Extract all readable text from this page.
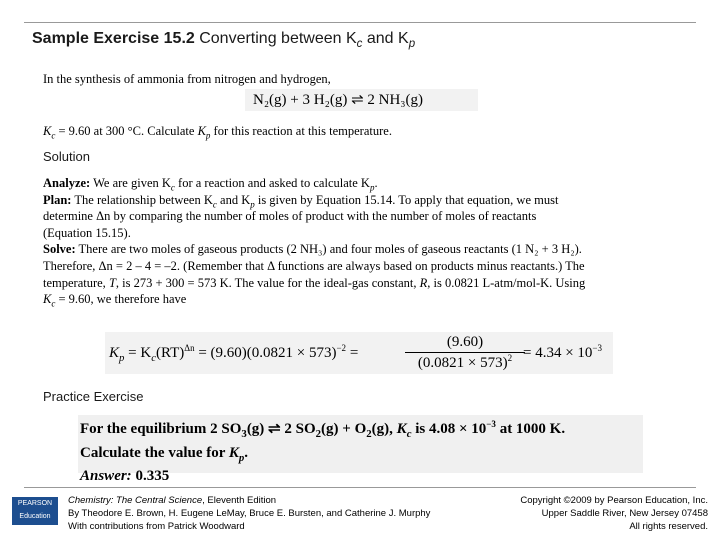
Sample Exercise 15.2 Converting between $K_c$ and $K_p$
In the synthesis of ammonia from nitrogen and hydrogen,
N₂(g) + 3 H₂(g) ⇌ 2 NH₃(g)
$K_c = 9.60$ at 300 °C. Calculate $K_p$ for this reaction at this temperature.
Solution
Analyze: We are given $K_c$ for a reaction and asked to calculate $K_p$.
Plan: The relationship between $K_c$ and $K_p$ is given by Equation 15.14. To apply that equation, we must
determine Δn by comparing the number of moles of product with the number of moles of reactants
(Equation 15.15).
Solve: There are two moles of gaseous products (2 NH₃) and four moles of gaseous reactants (1 N₂ + 3 H₂).
Therefore, Δn = 2 – 4 = –2. (Remember that Δ functions are always based on products minus reactants.) The
temperature, T, is 273 + 300 = 573 K. The value for the ideal-gas constant, R, is 0.0821 L-atm/mol-K. Using
$K_c = 9.60$, we therefore have
$K_p = K_c(RT)^{\Delta n} = (9.60)(0.0821 \times 573)^{-2}$ =
(9.60)
$(0.0821 \times 573)^2 = 4.34 \times 10^{-3}$
Practice Exercise
For the equilibrium 2 $SO_3(g)$ ⇌ 2 $SO_2(g) + O_2(g)$, $K_c$ is $4.08 \times 10^{-3}$ at 1000 K.
Calculate the value for $K_p$.
Answer: 0.335
PEARSON
Education
Chemistry: The Central Science, Eleventh Edition
By Theodore E. Brown, H. Eugene LeMay, Bruce E. Bursten, and Catherine J. Murphy
With contributions from Patrick Woodward
Copyright ©2009 by Pearson Education, Inc.
Upper Saddle River, New Jersey 07458
All rights reserved.
